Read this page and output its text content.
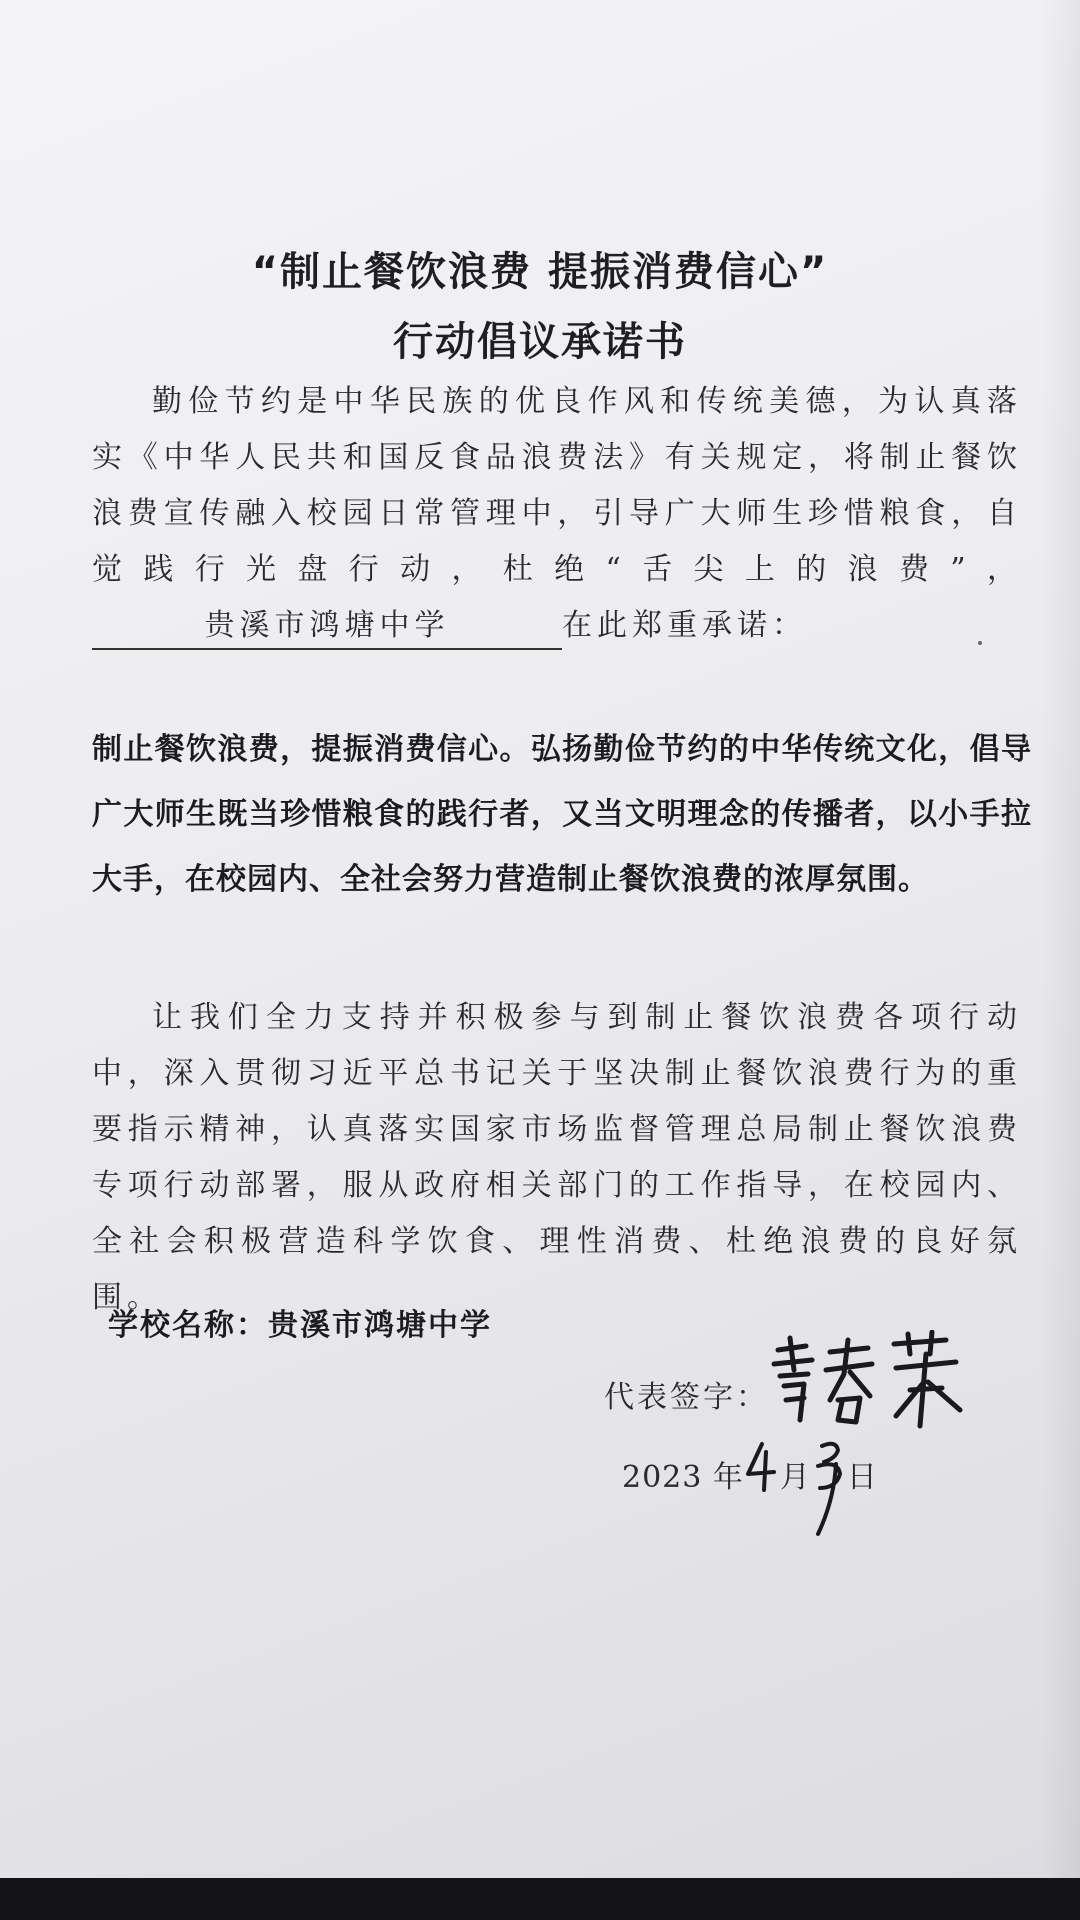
“制止餐饮浪费 提振消费信心”
行动倡议承诺书

勤俭节约是中华民族的优良作风和传统美德，为认真落实《中华人民共和国反食品浪费法》有关规定，将制止餐饮浪费宣传融入校园日常管理中，引导广大师生珍惜粮食，自觉践行光盘行动，杜绝“舌尖上的浪费”，贵溪市鸿塘中学	在此郑重承诺：

制止餐饮浪费，提振消费信心。弘扬勤俭节约的中华传统文化，倡导广大师生既当珍惜粮食的践行者，又当文明理念的传播者，以小手拉大手，在校园内、全社会努力营造制止餐饮浪费的浓厚氛围。

让我们全力支持并积极参与到制止餐饮浪费各项行动中，深入贯彻习近平总书记关于坚决制止餐饮浪费行为的重要指示精神，认真落实国家市场监督管理总局制止餐饮浪费专项行动部署，服从政府相关部门的工作指导，在校园内、全社会积极营造科学饮食、理性消费、杜绝浪费的良好氛围。

学校名称：贵溪市鸿塘中学
代表签字：
2023 年 月 日
